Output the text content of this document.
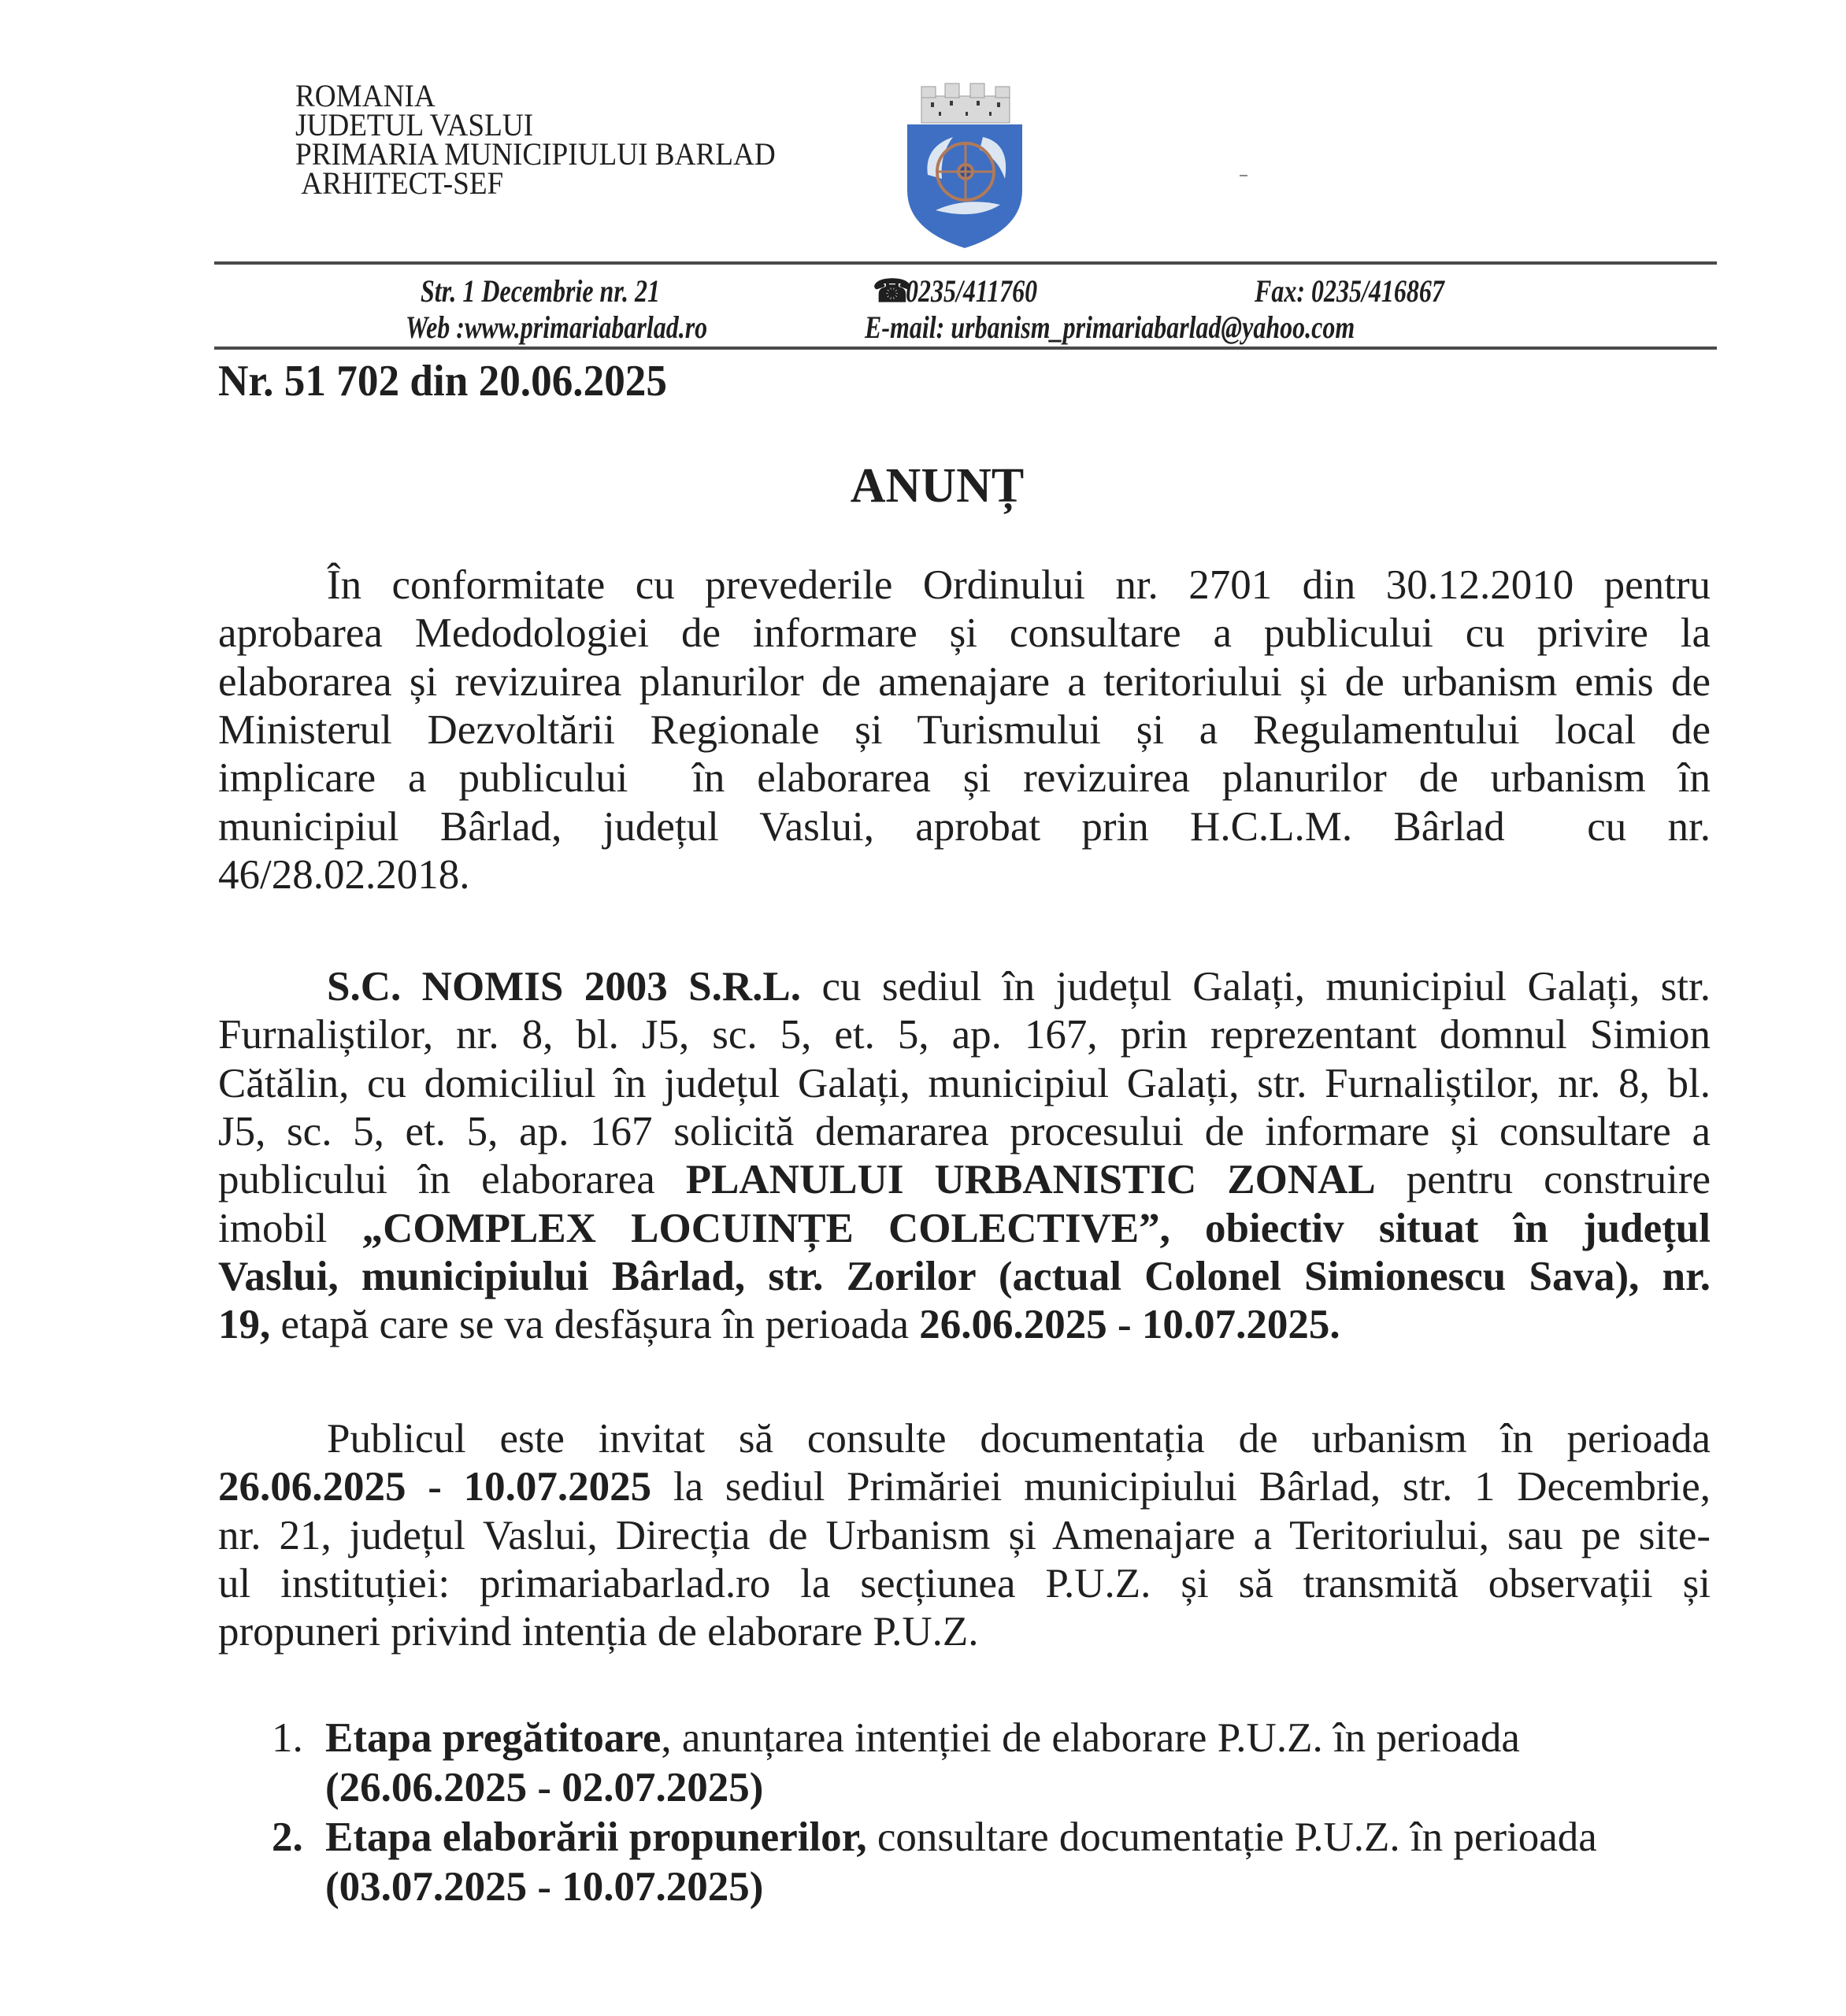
ROMANIA
JUDETUL VASLUI
PRIMARIA MUNICIPIULUI BARLAD
ARHITECT-SEF
Str. 1 Decembrie nr. 21	☎
0235/411760	Fax: 0235/416867
Web :www.primariabarlad.ro	E-mail: urbanism_primariabarlad@yahoo.com
Nr. 51 702 din 20.06.2025
ANUNȚ
În conformitate cu prevederile Ordinului nr. 2701 din 30.12.2010 pentru
aprobarea Medodologiei de informare și consultare a publicului cu privire la
elaborarea și revizuirea planurilor de amenajare a teritoriului și de urbanism emis de
Ministerul Dezvoltării Regionale și Turismului și a Regulamentului local de
implicare a publicului  în elaborarea și revizuirea planurilor de urbanism în
municipiul Bârlad, județul Vaslui, aprobat prin H.C.L.M. Bârlad  cu nr.
46/28.02.2018.
S.C. NOMIS 2003 S.R.L. cu sediul în județul Galați, municipiul Galați, str.
Furnaliștilor, nr. 8, bl. J5, sc. 5, et. 5, ap. 167, prin reprezentant domnul Simion
Cătălin, cu domiciliul în județul Galați, municipiul Galați, str. Furnaliștilor, nr. 8, bl.
J5, sc. 5, et. 5, ap. 167 solicită demararea procesului de informare și consultare a
publicului în elaborarea PLANULUI URBANISTIC ZONAL pentru construire
imobil „COMPLEX LOCUINȚE COLECTIVE”, obiectiv situat în județul
Vaslui, municipiului Bârlad, str. Zorilor (actual Colonel Simionescu Sava), nr.
19, etapă care se va desfășura în perioada 26.06.2025 - 10.07.2025.
Publicul este invitat să consulte documentația de urbanism în perioada
26.06.2025 - 10.07.2025 la sediul Primăriei municipiului Bârlad, str. 1 Decembrie,
nr. 21, județul Vaslui, Direcția de Urbanism și Amenajare a Teritoriului, sau pe site-
ul instituției: primariabarlad.ro la secțiunea P.U.Z. și să transmită observații și
propuneri privind intenția de elaborare P.U.Z.
1. Etapa pregătitoare, anunțarea intenției de elaborare P.U.Z. în perioada
(26.06.2025 - 02.07.2025)
2. Etapa elaborării propunerilor, consultare documentație P.U.Z. în perioada
(03.07.2025 - 10.07.2025)
